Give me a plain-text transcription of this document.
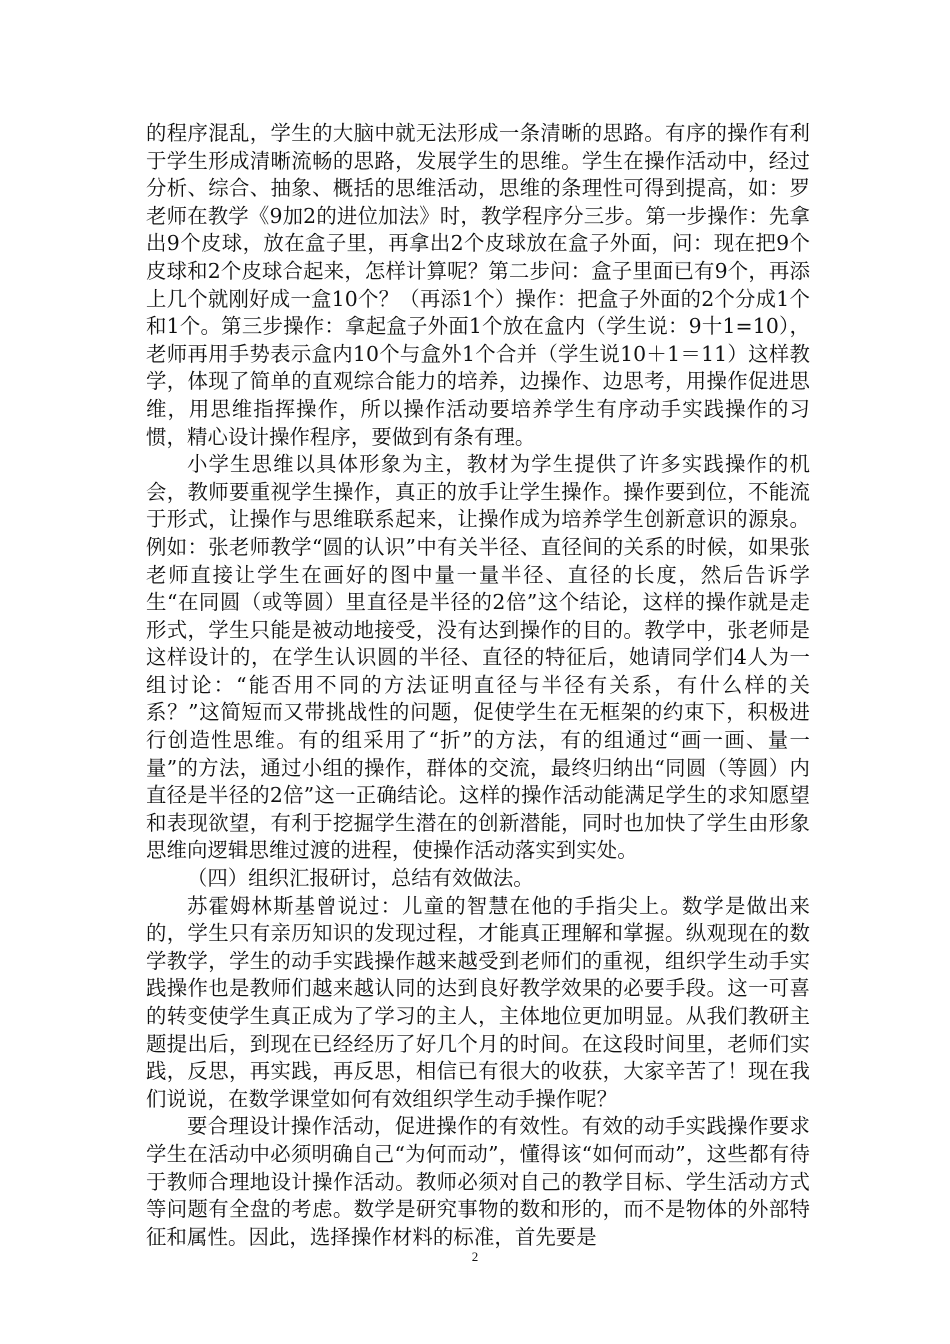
的程序混乱，学生的大脑中就无法形成一条清晰的思路。有序的操作有利于学生形成清晰流畅的思路，发展学生的思维。学生在操作活动中，经过分析、综合、抽象、概括的思维活动，思维的条理性可得到提高，如：罗老师在教学《9加2的进位加法》时，教学程序分三步。第一步操作：先拿出9个皮球，放在盒子里，再拿出2个皮球放在盒子外面，问：现在把9个皮球和2个皮球合起来，怎样计算呢？第二步问：盒子里面已有9个，再添上几个就刚好成一盒10个？（再添1个）操作：把盒子外面的2个分成1个和1个。第三步操作：拿起盒子外面1个放在盒内（学生说：9十1=10），老师再用手势表示盒内10个与盒外1个合并（学生说10＋1＝11）这样教学，体现了简单的直观综合能力的培养，边操作、边思考，用操作促进思维，用思维指挥操作，所以操作活动要培养学生有序动手实践操作的习惯，精心设计操作程序，要做到有条有理。

小学生思维以具体形象为主，教材为学生提供了许多实践操作的机会，教师要重视学生操作，真正的放手让学生操作。操作要到位，不能流于形式，让操作与思维联系起来，让操作成为培养学生创新意识的源泉。例如：张老师教学“圆的认识”中有关半径、直径间的关系的时候，如果张老师直接让学生在画好的图中量一量半径、直径的长度，然后告诉学生“在同圆（或等圆）里直径是半径的2倍”这个结论，这样的操作就是走形式，学生只能是被动地接受，没有达到操作的目的。教学中，张老师是这样设计的，在学生认识圆的半径、直径的特征后，她请同学们4人为一组讨论：“能否用不同的方法证明直径与半径有关系，有什么样的关系？”这简短而又带挑战性的问题，促使学生在无框架的约束下，积极进行创造性思维。有的组采用了“折”的方法，有的组通过“画一画、量一量”的方法，通过小组的操作，群体的交流，最终归纳出“同圆（等圆）内直径是半径的2倍”这一正确结论。这样的操作活动能满足学生的求知愿望和表现欲望，有利于挖掘学生潜在的创新潜能，同时也加快了学生由形象思维向逻辑思维过渡的进程，使操作活动落实到实处。

（四）组织汇报研讨，总结有效做法。

苏霍姆林斯基曾说过：儿童的智慧在他的手指尖上。数学是做出来的，学生只有亲历知识的发现过程，才能真正理解和掌握。纵观现在的数学教学，学生的动手实践操作越来越受到老师们的重视，组织学生动手实践操作也是教师们越来越认同的达到良好教学效果的必要手段。这一可喜的转变使学生真正成为了学习的主人，主体地位更加明显。从我们教研主题提出后，到现在已经经历了好几个月的时间。在这段时间里，老师们实践，反思，再实践，再反思，相信已有很大的收获，大家辛苦了！现在我们说说，在数学课堂如何有效组织学生动手操作呢？

要合理设计操作活动，促进操作的有效性。有效的动手实践操作要求学生在活动中必须明确自己“为何而动”，懂得该“如何而动”，这些都有待于教师合理地设计操作活动。教师必须对自己的教学目标、学生活动方式等问题有全盘的考虑。数学是研究事物的数和形的，而不是物体的外部特征和属性。因此，选择操作材料的标准，首先要是

2
